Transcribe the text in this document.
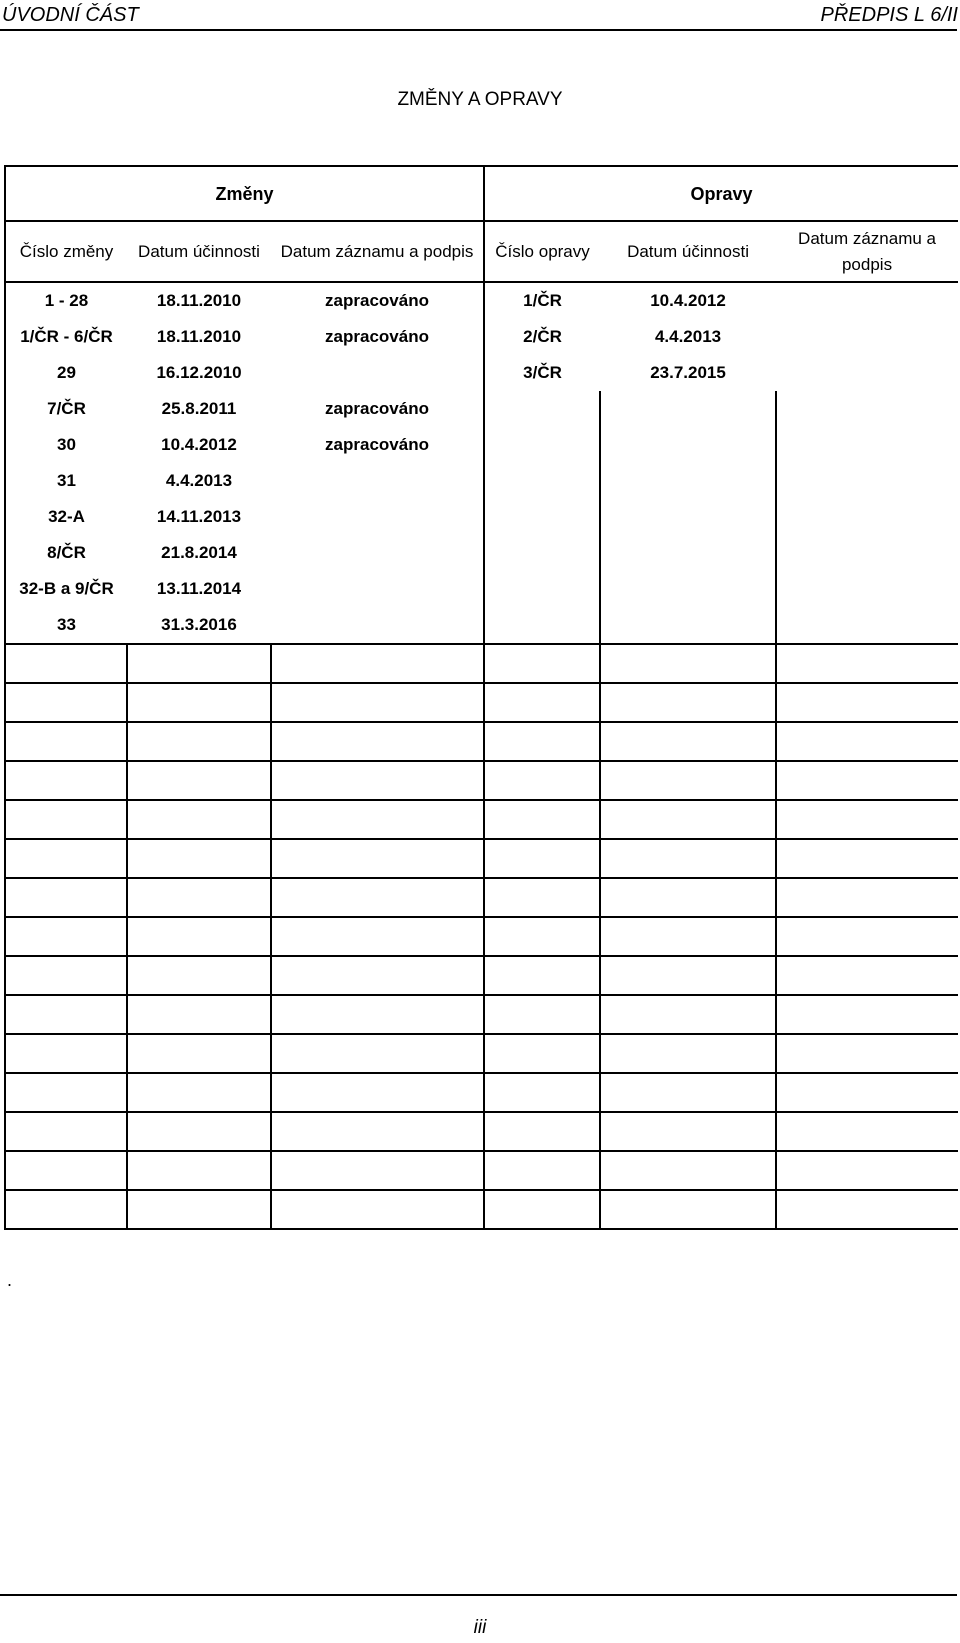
ÚVODNÍ ČÁST	PŘEDPIS L 6/II
ZMĚNY A OPRAVY
Změny			Opravy		
Číslo změny	Datum účinnosti	Datum záznamu a podpis	Číslo opravy	Datum účinnosti	Datum záznamu a podpis
1 - 28	18.11.2010	zapracováno	1/ČR	10.4.2012	
1/ČR - 6/ČR	18.11.2010	zapracováno	2/ČR	4.4.2013	
29	16.12.2010		3/ČR	23.7.2015	
7/ČR	25.8.2011	zapracováno			
30	10.4.2012	zapracováno			
31	4.4.2013				
32-A	14.11.2013				
8/ČR	21.8.2014				
32-B a 9/ČR	13.11.2014				
33	31.3.2016				

.
iii
